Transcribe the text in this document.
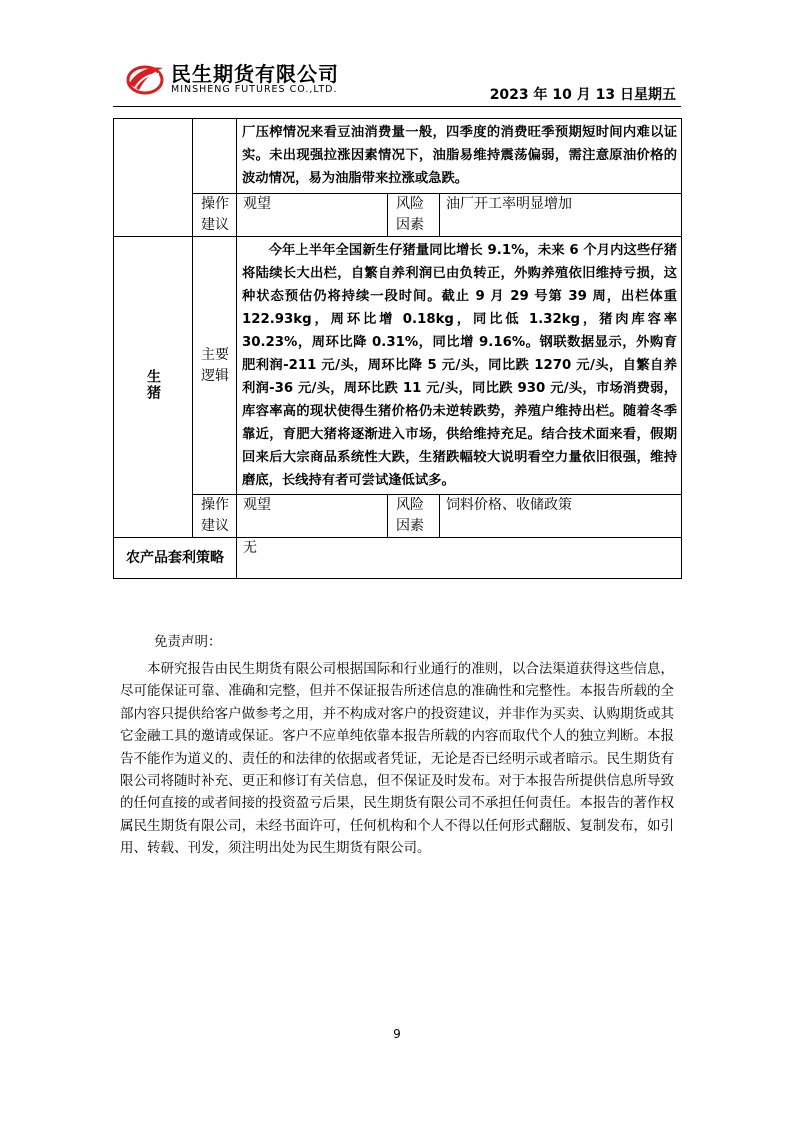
民生期货有限公司
MINSHENG FUTURES CO.,LTD.	2023 年 10 月 13 日星期五
		厂压榨情况来看豆油消费量一般，四季度的消费旺季预期短时间内难以证实。未出现强拉涨因素情况下，油脂易维持震荡偏弱，需注意原油价格的波动情况，易为油脂带来拉涨或急跌。		
	操作建议	观望	风险因素	油厂开工率明显增加
生猪	主要逻辑	今年上半年全国新生仔猪量同比增长 9.1%，未来 6 个月内这些仔猪将陆续长大出栏，自繁自养利润已由负转正，外购养殖依旧维持亏损，这种状态预估仍将持续一段时间。截止 9 月 29 号第 39 周，出栏体重 122.93kg，周环比增 0.18kg，同比低 1.32kg，猪肉库容率 30.23%，周环比降 0.31%，同比增 9.16%。钢联数据显示，外购育肥利润-211 元/头，周环比降 5 元/头，同比跌 1270 元/头，自繁自养利润-36 元/头，周环比跌 11 元/头，同比跌 930 元/头，市场消费弱，库容率高的现状使得生猪价格仍未逆转跌势，养殖户维持出栏。随着冬季靠近，育肥大猪将逐渐进入市场，供给维持充足。结合技术面来看，假期回来后大宗商品系统性大跌，生猪跌幅较大说明看空力量依旧很强，维持磨底，长线持有者可尝试逢低试多。		
	操作建议	观望	风险因素	饲料价格、收储政策
农产品套利策略		无		
免责声明：
本研究报告由民生期货有限公司根据国际和行业通行的准则，以合法渠道获得这些信息，尽可能保证可靠、准确和完整，但并不保证报告所述信息的准确性和完整性。本报告所载的全部内容只提供给客户做参考之用，并不构成对客户的投资建议，并非作为买卖、认购期货或其它金融工具的邀请或保证。客户不应单纯依靠本报告所载的内容而取代个人的独立判断。本报告不能作为道义的、责任的和法律的依据或者凭证，无论是否已经明示或者暗示。民生期货有限公司将随时补充、更正和修订有关信息，但不保证及时发布。对于本报告所提供信息所导致的任何直接的或者间接的投资盈亏后果，民生期货有限公司不承担任何责任。本报告的著作权属民生期货有限公司，未经书面许可，任何机构和个人不得以任何形式翻版、复制发布，如引用、转载、刊发，须注明出处为民生期货有限公司。
9
